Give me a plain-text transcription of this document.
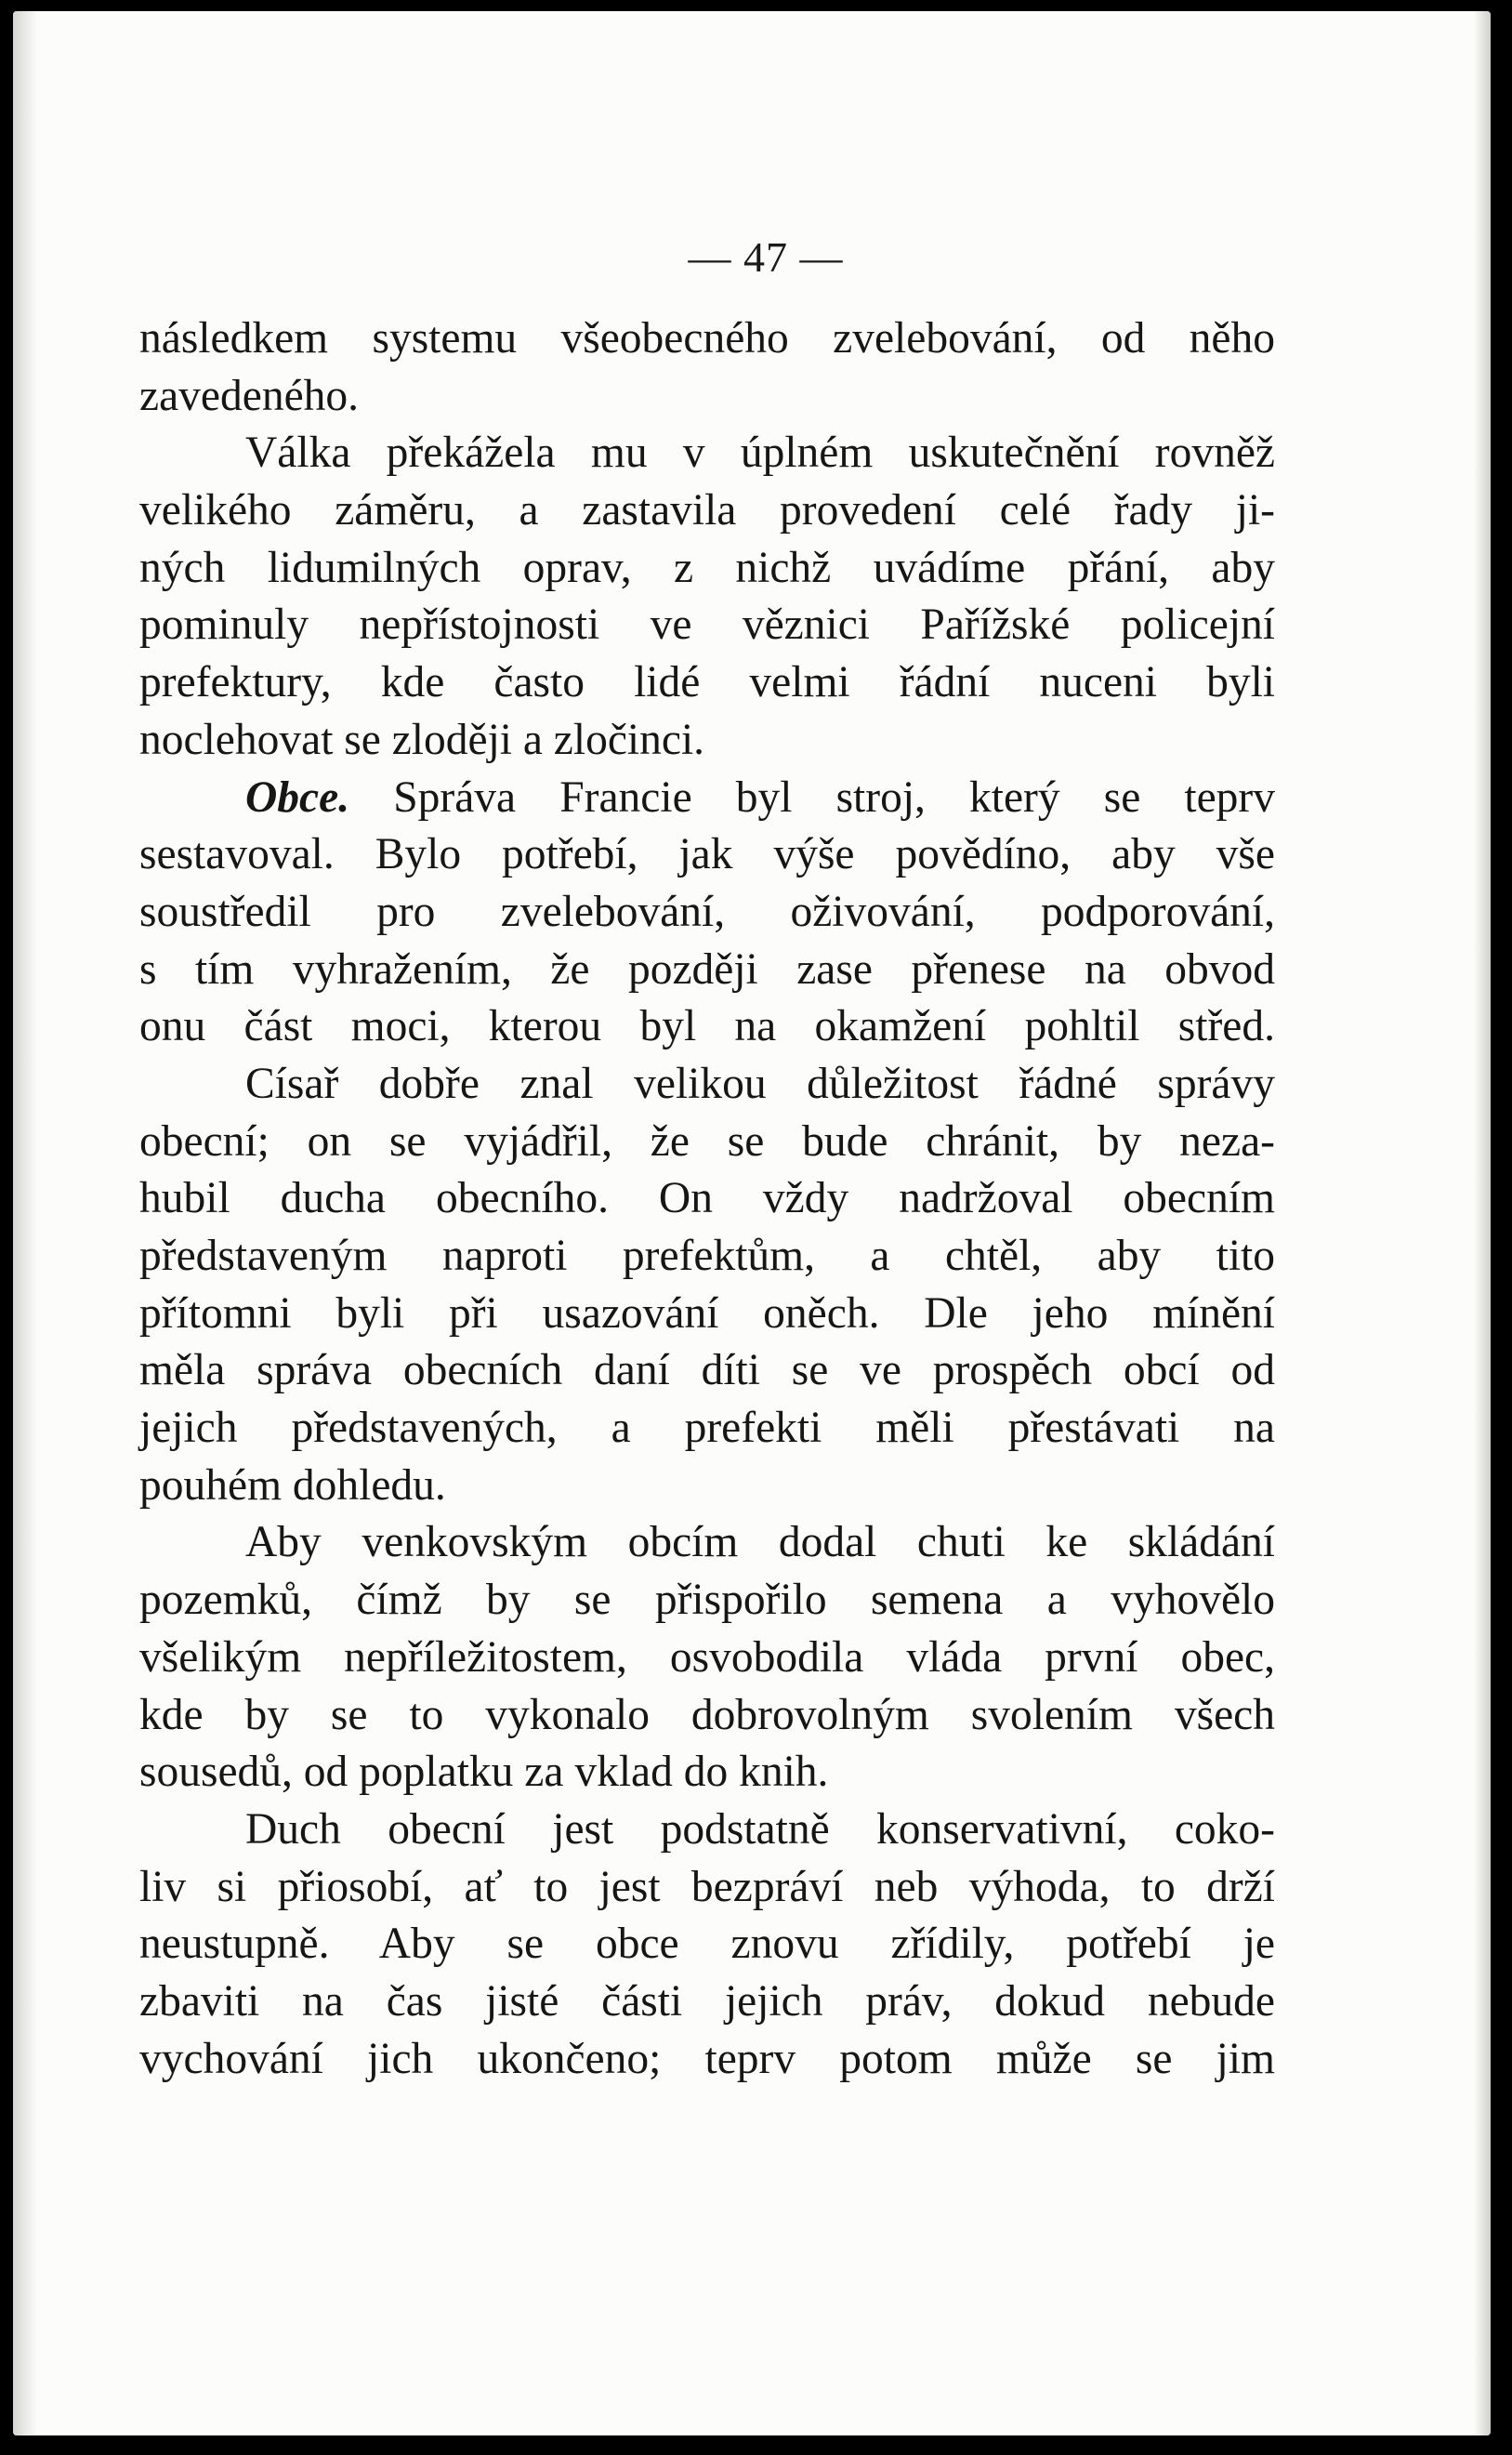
— 47 —
následkem systemu všeobecného zvelebování, od něho
zavedeného.
Válka překážela mu v úplném uskutečnění rovněž
velikého záměru, a zastavila provedení celé řady ji-
ných lidumilných oprav, z nichž uvádíme přání, aby
pominuly nepřístojnosti ve věznici Pařížské policejní
prefektury, kde často lidé velmi řádní nuceni byli
noclehovat se zloději a zločinci.
Obce. Správa Francie byl stroj, který se teprv
sestavoval. Bylo potřebí, jak výše povědíno, aby vše
soustředil pro zvelebování, oživování, podporování,
s tím vyhražením, že později zase přenese na obvod
onu část moci, kterou byl na okamžení pohltil střed.
Císař dobře znal velikou důležitost řádné správy
obecní; on se vyjádřil, že se bude chránit, by neza-
hubil ducha obecního. On vždy nadržoval obecním
představeným naproti prefektům, a chtěl, aby tito
přítomni byli při usazování oněch. Dle jeho mínění
měla správa obecních daní díti se ve prospěch obcí od
jejich představených, a prefekti měli přestávati na
pouhém dohledu.
Aby venkovským obcím dodal chuti ke skládání
pozemků, čímž by se přispořilo semena a vyhovělo
všelikým nepříležitostem, osvobodila vláda první obec,
kde by se to vykonalo dobrovolným svolením všech
sousedů, od poplatku za vklad do knih.
Duch obecní jest podstatně konservativní, coko-
liv si přiosobí, ať to jest bezpráví neb výhoda, to drží
neustupně. Aby se obce znovu zřídily, potřebí je
zbaviti na čas jisté části jejich práv, dokud nebude
vychování jich ukončeno; teprv potom může se jim
